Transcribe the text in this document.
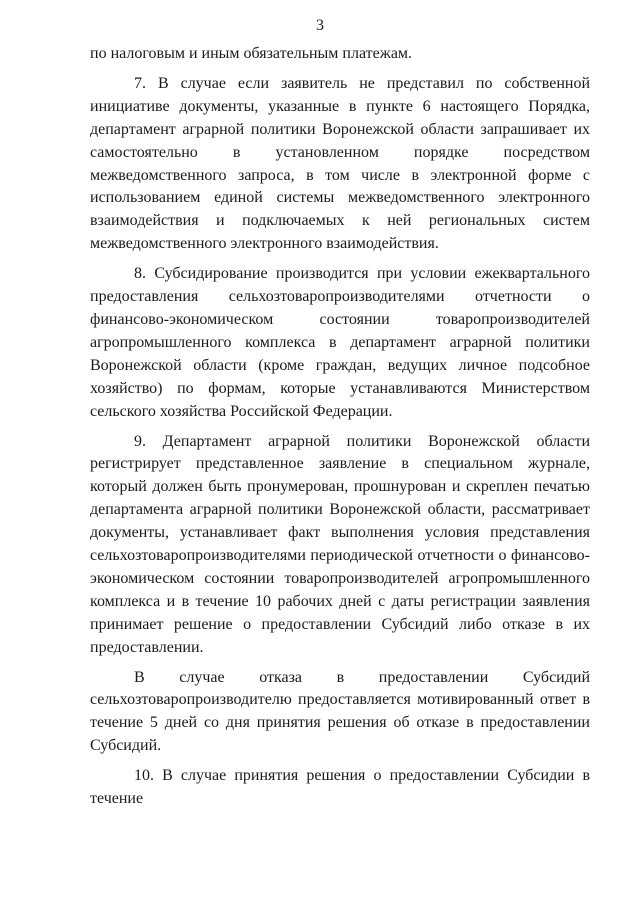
3

по налоговым и иным обязательным платежам.

7. В случае если заявитель не представил по собственной инициативе документы, указанные в пункте 6 настоящего Порядка, департамент аграрной политики Воронежской области запрашивает их самостоятельно в установленном порядке посредством межведомственного запроса, в том числе в электронной форме с использованием единой системы межведомственного электронного взаимодействия и подключаемых к ней региональных систем межведомственного электронного взаимодействия.

8. Субсидирование производится при условии ежеквартального предоставления сельхозтоваропроизводителями отчетности о финансово-экономическом состоянии товаропроизводителей агропромышленного комплекса в департамент аграрной политики Воронежской области (кроме граждан, ведущих личное подсобное хозяйство) по формам, которые устанавливаются Министерством сельского хозяйства Российской Федерации.

9. Департамент аграрной политики Воронежской области регистрирует представленное заявление в специальном журнале, который должен быть пронумерован, прошнурован и скреплен печатью департамента аграрной политики Воронежской области, рассматривает документы, устанавливает факт выполнения условия представления сельхозтоваропроизводителями периодической отчетности о финансово-экономическом состоянии товаропроизводителей агропромышленного комплекса и в течение 10 рабочих дней с даты регистрации заявления принимает решение о предоставлении Субсидий либо отказе в их предоставлении.

В случае отказа в предоставлении Субсидий сельхозтоваропроизводителю предоставляется мотивированный ответ в течение 5 дней со дня принятия решения об отказе в предоставлении Субсидий.

10. В случае принятия решения о предоставлении Субсидии в течение
